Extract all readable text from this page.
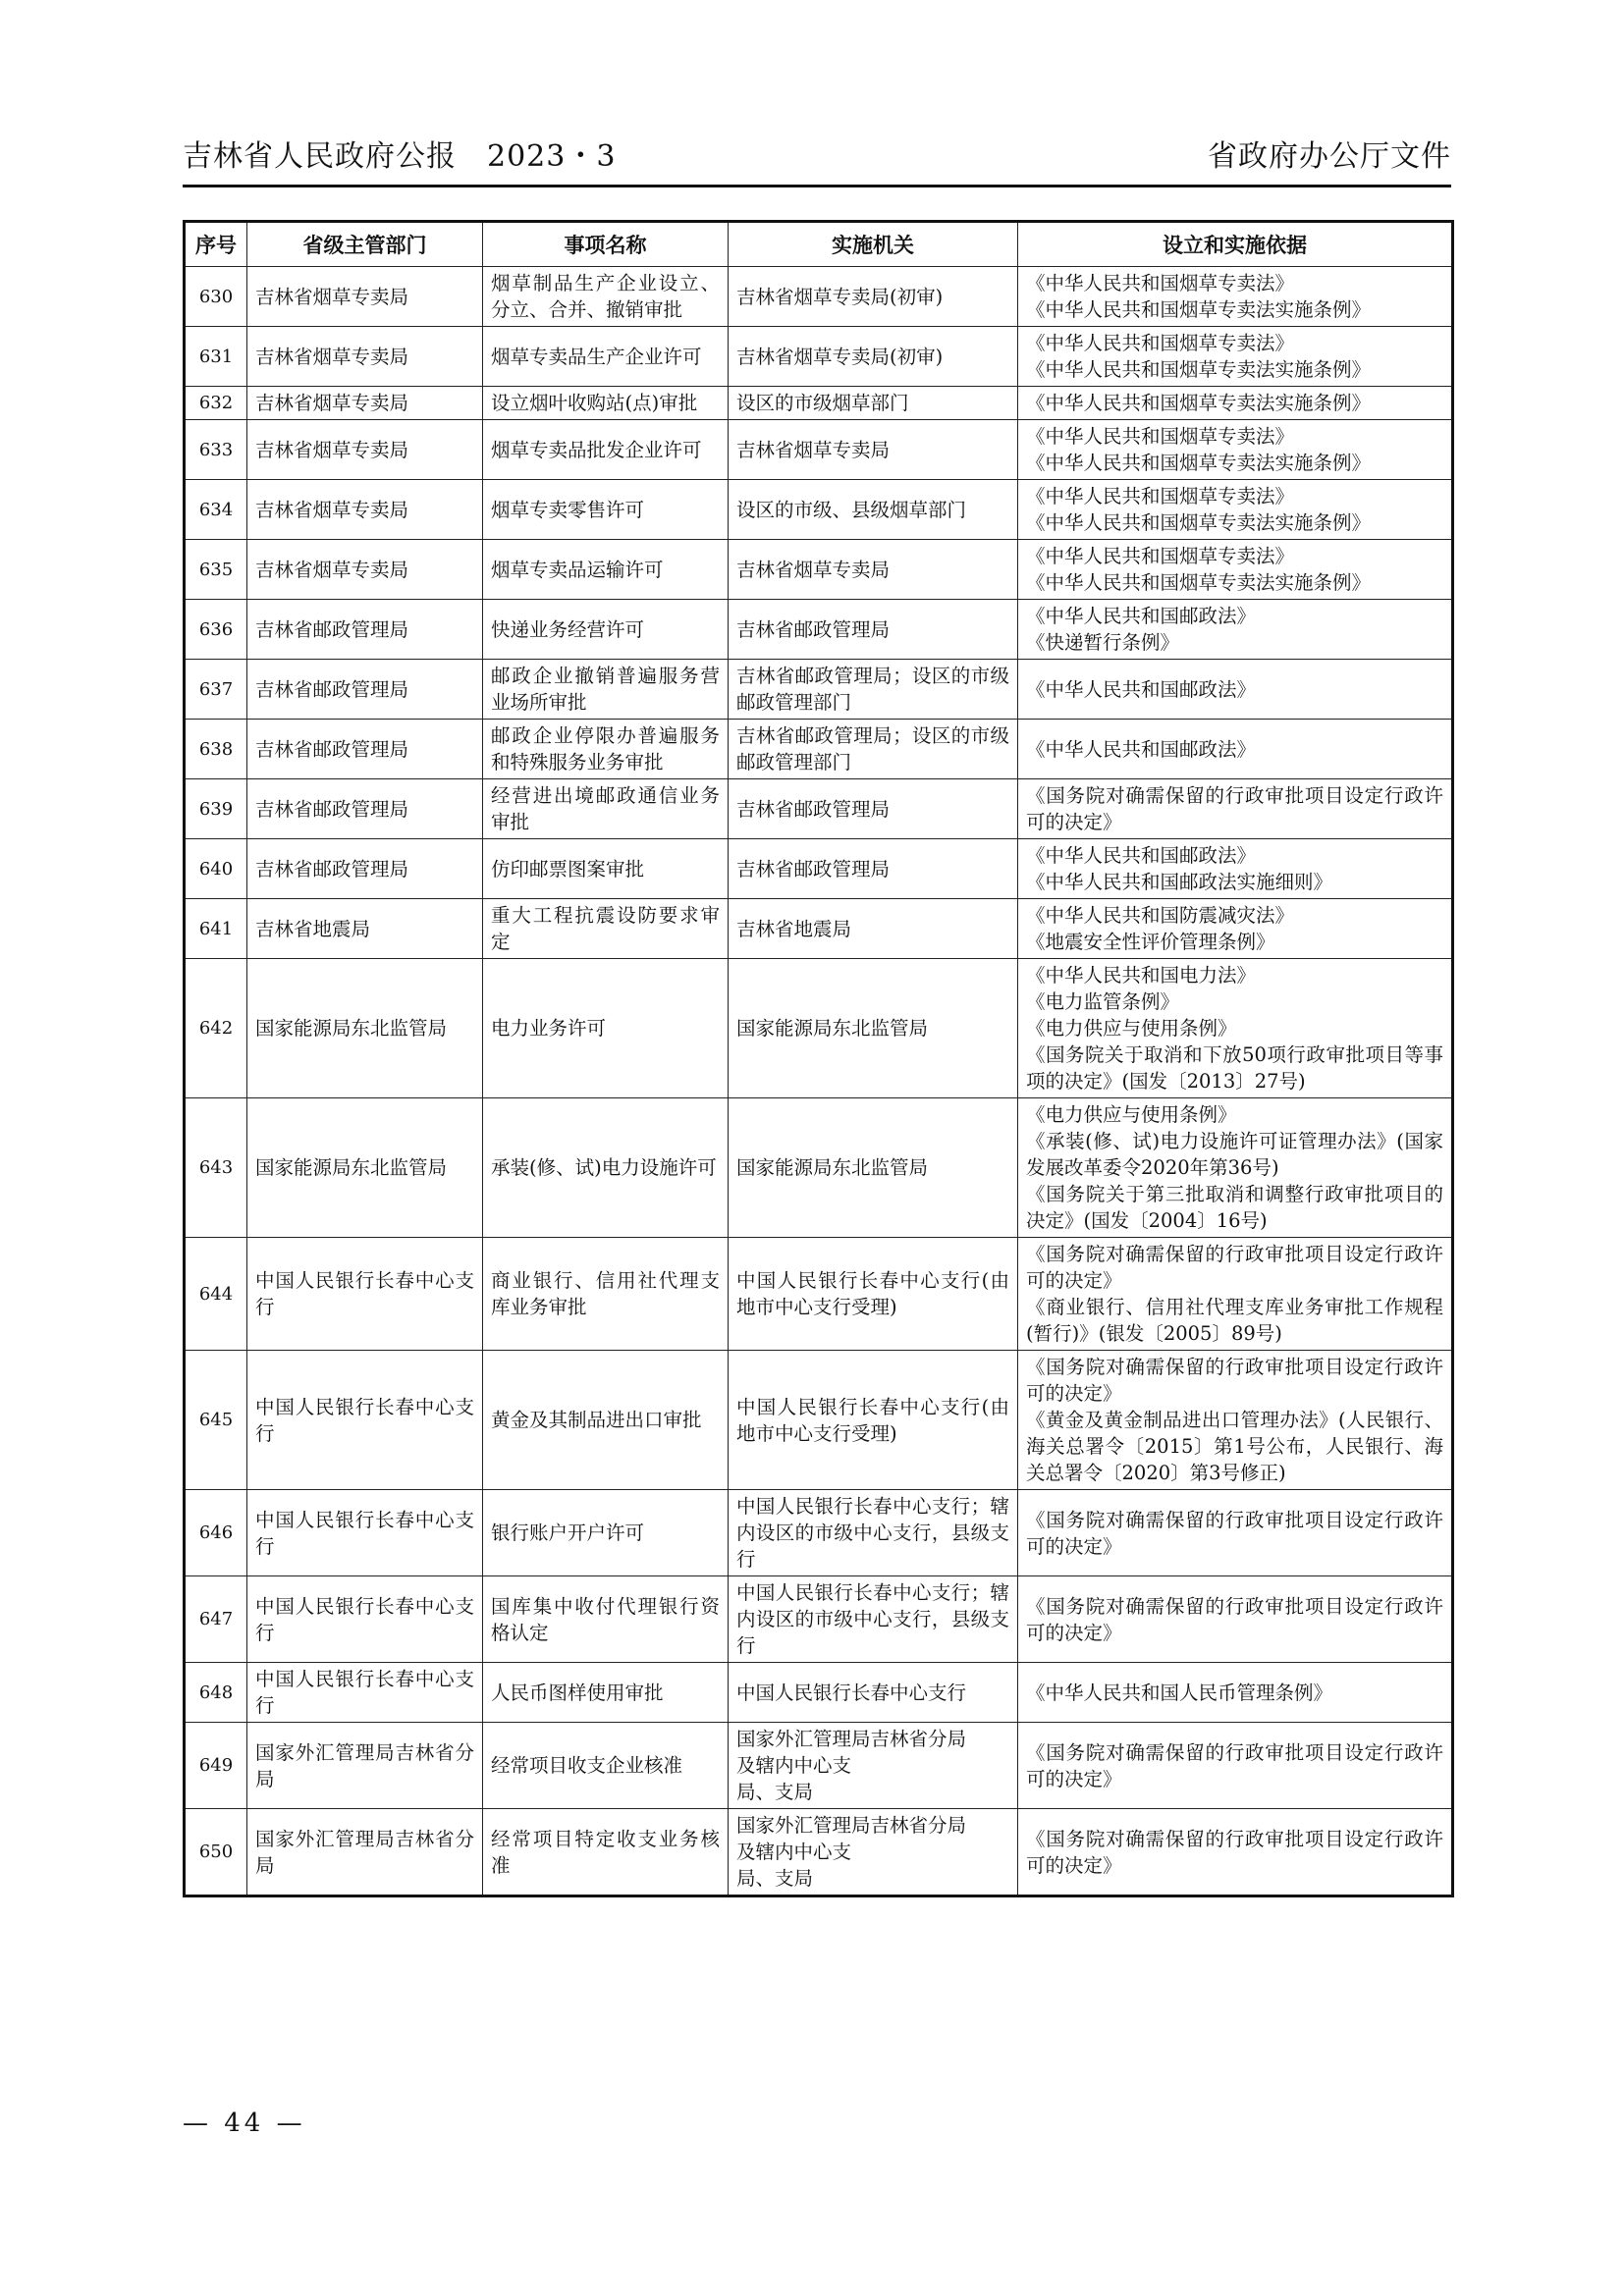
吉林省人民政府公报　2023・3	省政府办公厅文件
序号	省级主管部门	事项名称	实施机关	设立和实施依据
630	吉林省烟草专卖局	烟草制品生产企业设立、分立、合并、撤销审批	吉林省烟草专卖局(初审)	《中华人民共和国烟草专卖法》
《中华人民共和国烟草专卖法实施条例》

631	吉林省烟草专卖局	烟草专卖品生产企业许可	吉林省烟草专卖局(初审)	《中华人民共和国烟草专卖法》
《中华人民共和国烟草专卖法实施条例》

632	吉林省烟草专卖局	设立烟叶收购站(点)审批	设区的市级烟草部门	《中华人民共和国烟草专卖法实施条例》

633	吉林省烟草专卖局	烟草专卖品批发企业许可	吉林省烟草专卖局	《中华人民共和国烟草专卖法》
《中华人民共和国烟草专卖法实施条例》

634	吉林省烟草专卖局	烟草专卖零售许可	设区的市级、县级烟草部门	《中华人民共和国烟草专卖法》
《中华人民共和国烟草专卖法实施条例》

635	吉林省烟草专卖局	烟草专卖品运输许可	吉林省烟草专卖局	《中华人民共和国烟草专卖法》
《中华人民共和国烟草专卖法实施条例》

636	吉林省邮政管理局	快递业务经营许可	吉林省邮政管理局	《中华人民共和国邮政法》
《快递暂行条例》

637	吉林省邮政管理局	邮政企业撤销普遍服务营业场所审批	吉林省邮政管理局；设区的市级邮政管理部门	《中华人民共和国邮政法》

638	吉林省邮政管理局	邮政企业停限办普遍服务和特殊服务业务审批	吉林省邮政管理局；设区的市级邮政管理部门	《中华人民共和国邮政法》

639	吉林省邮政管理局	经营进出境邮政通信业务审批	吉林省邮政管理局	《国务院对确需保留的行政审批项目设定行政许可的决定》

640	吉林省邮政管理局	仿印邮票图案审批	吉林省邮政管理局	《中华人民共和国邮政法》
《中华人民共和国邮政法实施细则》

641	吉林省地震局	重大工程抗震设防要求审定	吉林省地震局	《中华人民共和国防震减灾法》
《地震安全性评价管理条例》

642	国家能源局东北监管局	电力业务许可	国家能源局东北监管局	《中华人民共和国电力法》
《电力监管条例》
《电力供应与使用条例》
《国务院关于取消和下放50项行政审批项目等事项的决定》(国发〔2013〕27号)

643	国家能源局东北监管局	承装(修、试)电力设施许可	国家能源局东北监管局	《电力供应与使用条例》
《承装(修、试)电力设施许可证管理办法》(国家发展改革委令2020年第36号)
《国务院关于第三批取消和调整行政审批项目的决定》(国发〔2004〕16号)

644	中国人民银行长春中心支行	商业银行、信用社代理支库业务审批	中国人民银行长春中心支行(由地市中心支行受理)	《国务院对确需保留的行政审批项目设定行政许可的决定》
《商业银行、信用社代理支库业务审批工作规程(暂行)》(银发〔2005〕89号)

645	中国人民银行长春中心支行	黄金及其制品进出口审批	中国人民银行长春中心支行(由地市中心支行受理)	《国务院对确需保留的行政审批项目设定行政许可的决定》
《黄金及黄金制品进出口管理办法》(人民银行、海关总署令〔2015〕第1号公布，人民银行、海关总署令〔2020〕第3号修正)

646	中国人民银行长春中心支行	银行账户开户许可	中国人民银行长春中心支行；辖内设区的市级中心支行，县级支行	《国务院对确需保留的行政审批项目设定行政许可的决定》

647	中国人民银行长春中心支行	国库集中收付代理银行资格认定	中国人民银行长春中心支行；辖内设区的市级中心支行，县级支行	《国务院对确需保留的行政审批项目设定行政许可的决定》

648	中国人民银行长春中心支行	人民币图样使用审批	中国人民银行长春中心支行	《中华人民共和国人民币管理条例》

649	国家外汇管理局吉林省分局	经常项目收支企业核准	国家外汇管理局吉林省分局
及辖内中心支
局、支局	《国务院对确需保留的行政审批项目设定行政许可的决定》

650	国家外汇管理局吉林省分局	经常项目特定收支业务核准	国家外汇管理局吉林省分局
及辖内中心支
局、支局	《国务院对确需保留的行政审批项目设定行政许可的决定》
— 44 —
